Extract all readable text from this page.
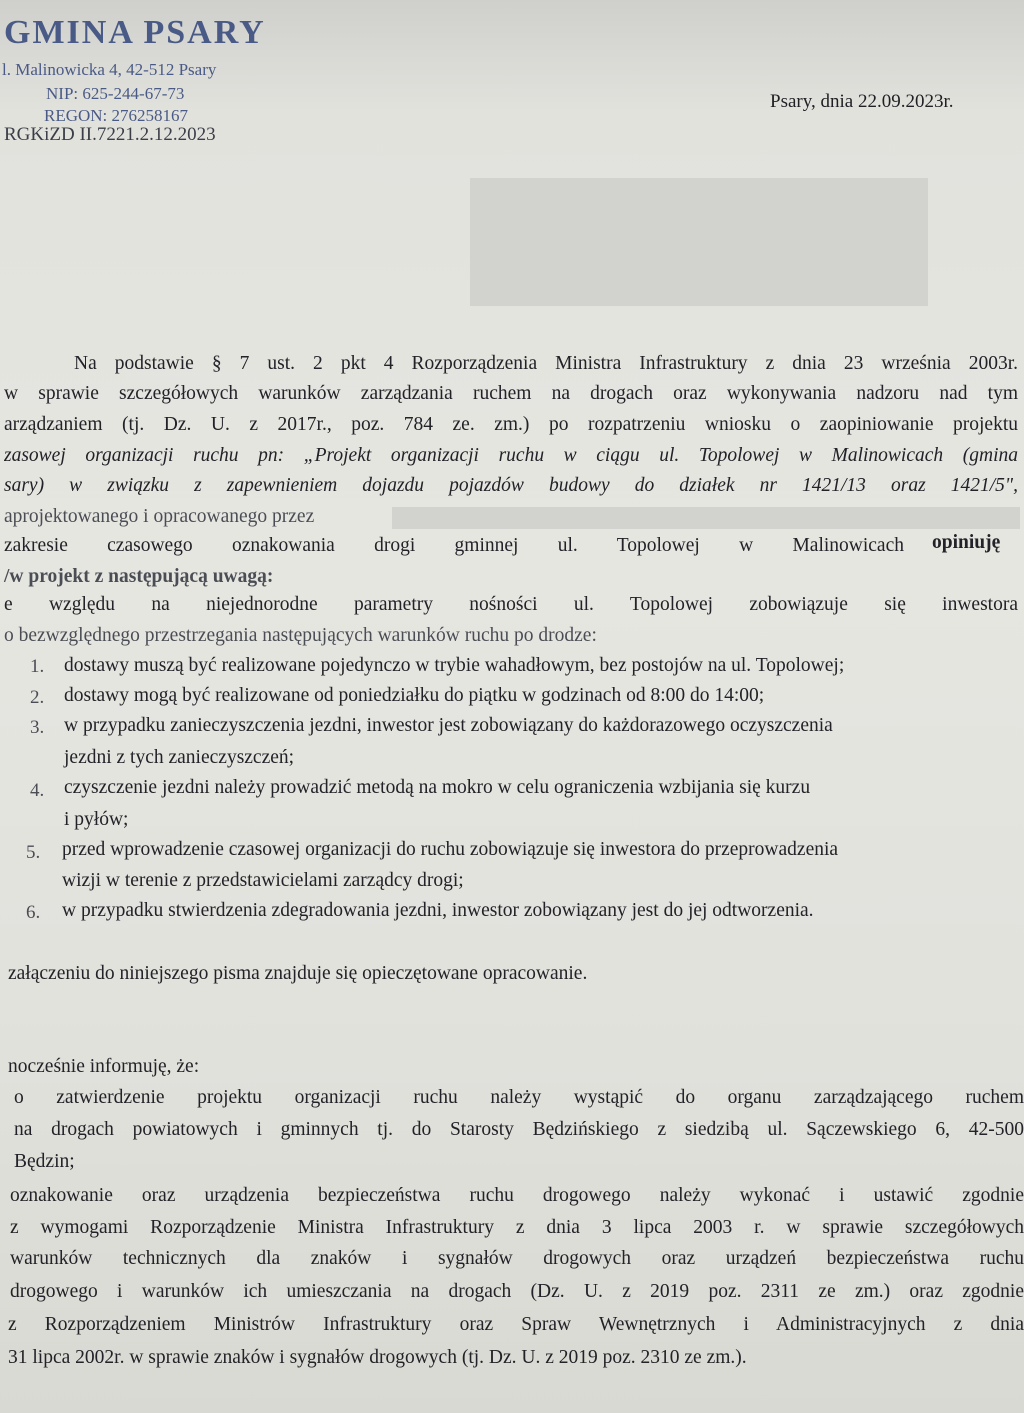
GMINA PSARY
l. Malinowicka 4, 42-512 Psary
NIP: 625-244-67-73
REGON: 276258167
RGKiZD II.7221.2.12.2023
Psary, dnia 22.09.2023r.
Na podstawie § 7 ust. 2 pkt 4 Rozporządzenia Ministra Infrastruktury z dnia 23 września 2003r.
w sprawie szczegółowych warunków zarządzania ruchem na drogach oraz wykonywania nadzoru nad tym
arządzaniem (tj. Dz. U. z 2017r., poz. 784 ze. zm.) po rozpatrzeniu wniosku o zaopiniowanie projektu
zasowej organizacji ruchu pn: „Projekt organizacji ruchu w ciągu ul. Topolowej w Malinowicach (gmina
sary) w związku z zapewnieniem dojazdu pojazdów budowy do działek nr 1421/13 oraz 1421/5",
aprojektowanego i opracowanego przez
zakresie czasowego oznakowania drogi gminnej ul. Topolowej w Malinowicach opiniuję
/w projekt z następującą uwagą:
e względu na niejednorodne parametry nośności ul. Topolowej zobowiązuje się inwestora
o bezwzględnego przestrzegania następujących warunków ruchu po drodze:
1. dostawy muszą być realizowane pojedynczo w trybie wahadłowym, bez postojów na ul. Topolowej;
2. dostawy mogą być realizowane od poniedziałku do piątku w godzinach od 8:00 do 14:00;
3. w przypadku zanieczyszczenia jezdni, inwestor jest zobowiązany do każdorazowego oczyszczenia
jezdni z tych zanieczyszczeń;
4. czyszczenie jezdni należy prowadzić metodą na mokro w celu ograniczenia wzbijania się kurzu
i pyłów;
5. przed wprowadzenie czasowej organizacji do ruchu zobowiązuje się inwestora do przeprowadzenia
wizji w terenie z przedstawicielami zarządcy drogi;
6. w przypadku stwierdzenia zdegradowania jezdni, inwestor zobowiązany jest do jej odtworzenia.
załączeniu do niniejszego pisma znajduje się opieczętowane opracowanie.
nocześnie informuję, że:
o zatwierdzenie projektu organizacji ruchu należy wystąpić do organu zarządzającego ruchem
na drogach powiatowych i gminnych tj. do Starosty Będzińskiego z siedzibą ul. Sączewskiego 6, 42-500
Będzin;
oznakowanie oraz urządzenia bezpieczeństwa ruchu drogowego należy wykonać i ustawić zgodnie
z wymogami Rozporządzenie Ministra Infrastruktury z dnia 3 lipca 2003 r. w sprawie szczegółowych
warunków technicznych dla znaków i sygnałów drogowych oraz urządzeń bezpieczeństwa ruchu
drogowego i warunków ich umieszczania na drogach (Dz. U. z 2019 poz. 2311 ze zm.) oraz zgodnie
z Rozporządzeniem Ministrów Infrastruktury oraz Spraw Wewnętrznych i Administracyjnych z dnia
31 lipca 2002r. w sprawie znaków i sygnałów drogowych (tj. Dz. U. z 2019 poz. 2310 ze zm.).
